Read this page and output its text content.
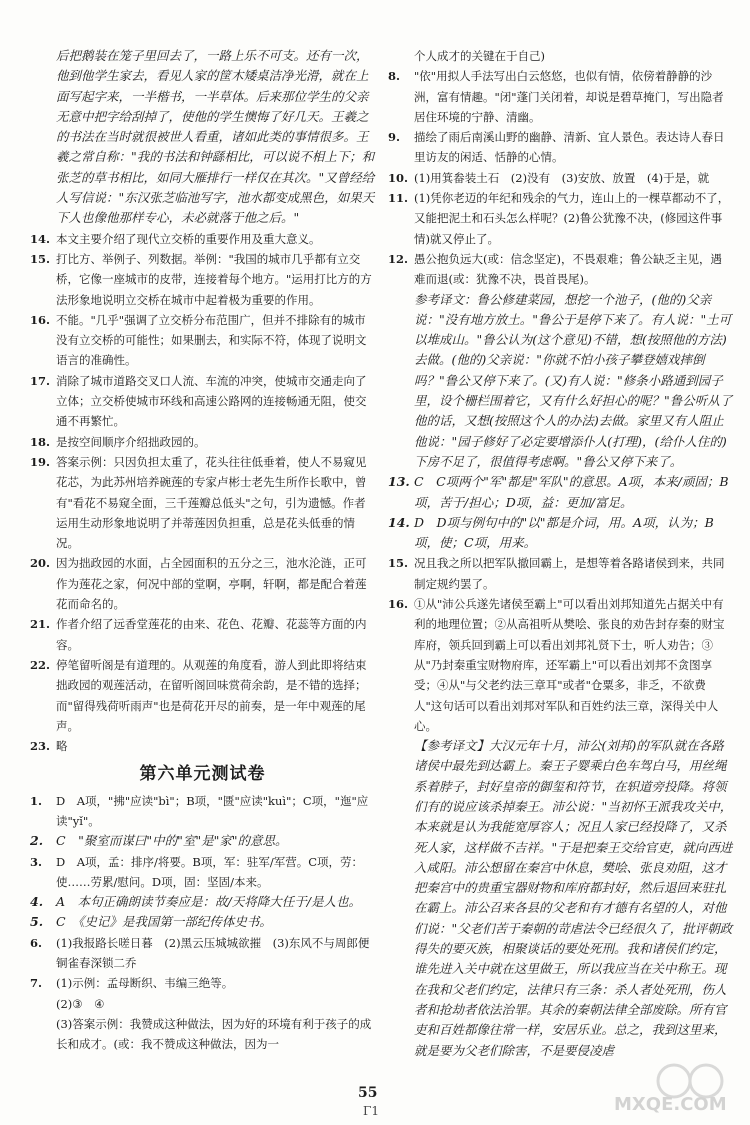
后把鹅装在笼子里回去了，一路上乐不可支。还有一次，他到他学生家去，看见人家的筐木矮桌洁净光滑，就在上面写起字来，一半楷书，一半草体。后来那位学生的父亲无意中把字给刮掉了，使他的学生懊悔了好几天。王羲之的书法在当时就很被世人看重，诸如此类的事情很多。王羲之常自称："我的书法和钟繇相比，可以说不相上下；和张芝的草书相比，如同大雁排行一样仅在其次。"又曾经给人写信说："东汉张芝临池写字，池水都变成黑色，如果天下人也像他那样专心，未必就落于他之后。"
14. 本文主要介绍了现代立交桥的重要作用及重大意义。
15. 打比方、举例子、列数据。举例："我国的城市几乎都有立交桥，它像一座城市的皮带，连接着每个地方。"运用打比方的方法形象地说明立交桥在城市中起着极为重要的作用。
16. 不能。"几乎"强调了立交桥分布范围广，但并不排除有的城市没有立交桥的可能性；如果删去，和实际不符，体现了说明文语言的准确性。
17. 消除了城市道路交叉口人流、车流的冲突，使城市交通走向了立体；立交桥使城市环线和高速公路网的连接畅通无阻，使交通不再繁忙。
18. 是按空间顺序介绍拙政园的。
19. 答案示例：只因负担太重了，花头往往低垂着，使人不易窥见花芯，为此苏州培养碗莲的专家卢彬士老先生所作长歌中，曾有"看花不易窥全面，三千莲瓣总低头"之句，引为遗憾。作者运用生动形象地说明了并蒂莲因负担重，总是花头低垂的情况。
20. 因为拙政园的水面，占全园面积的五分之三，池水沦涟，正可作为莲花之家，何况中部的堂啊，亭啊，轩啊，都是配合着莲花而命名的。
21. 作者介绍了远香堂莲花的由来、花色、花瓣、花蕊等方面的内容。
22. 停笔留听阁是有道理的。从观莲的角度看，游人到此即将结束拙政园的观莲活动，在留听阁回味赏荷余韵，是不错的选择；而"留得残荷听雨声"也是荷花开尽的前奏，是一年中观莲的尾声。
23. 略
第六单元测试卷
1. D　A项，"拂"应读"bì"；B项，"匮"应读"kuì"；C项，"迤"应读"yǐ"。
2. C　"聚室而谋曰"中的"室"是"家"的意思。
3. D　A项，孟：排序/将要。B项，军：驻军/军营。C项，劳：使……劳累/慰问。D项，固：坚固/本来。
4. A　本句正确朗读节奏应是：故/天将降大任于/是人也。
5. C　《史记》是我国第一部纪传体史书。
6. (1)我报路长嗟日暮　(2)黑云压城城欲摧　(3)东风不与周郎便　铜雀春深锁二乔
7. (1)示例：孟母断织、韦编三绝等。
(2)③　④
(3)答案示例：我赞成这种做法，因为好的环境有利于孩子的成长和成才。(或：我不赞成这种做法，因为一
个人成才的关键在于自己)
8. "依"用拟人手法写出白云悠悠，也似有情，依傍着静静的沙洲，富有情趣。"闭"蓬门关闭着，却说是碧草掩门，写出隐者居住环境的宁静、清幽。
9. 描绘了雨后南溪山野的幽静、清新、宜人景色。表达诗人春日里访友的闲适、恬静的心情。
10. (1)用箕畚装土石　(2)没有　(3)安放、放置　(4)于是，就
11. (1)凭你老迈的年纪和残余的气力，连山上的一棵草都动不了，又能把泥土和石头怎么样呢？(2)鲁公犹豫不决，(修园这件事情)就又停止了。
12. 愚公抱负远大(或：信念坚定)，不畏艰难；鲁公缺乏主见，遇难而退(或：犹豫不决，畏首畏尾)。
参考译文：鲁公修建菜园，想挖一个池子，(他的)父亲说："没有地方放土。"鲁公于是停下来了。有人说："土可以堆成山。"鲁公认为(这个意见)不错，想(按照他的方法)去做。(他的)父亲说："你就不怕小孩子攀登嬉戏摔倒吗？"鲁公又停下来了。(又)有人说："修条小路通到园子里，设个栅栏围着它，又有什么好担心的呢？"鲁公听从了他的话，又想(按照这个人的办法)去做。家里又有人阻止他说："园子修好了必定要增添仆人(打理)，(给仆人住的)下房不足了，很值得考虑啊。"鲁公又停下来了。
13. C　C项两个"军"都是"军队"的意思。A项，本来/顽固；B项，苦于/担心；D项，益：更加/富足。
14. D　D项与例句中的"以"都是介词，用。A项，认为；B项，使；C项，用来。
15. 况且我之所以把军队撤回霸上，是想等着各路诸侯到来，共同制定规约罢了。
16. ①从"沛公兵遂先诸侯至霸上"可以看出刘邦知道先占据关中有利的地理位置；②从高祖听从樊哙、张良的劝告封存秦的财宝库府，领兵回到霸上可以看出刘邦礼贤下士，听人劝告；③从"乃封秦重宝财物府库，还军霸上"可以看出刘邦不贪图享受；④从"与父老约法三章耳"或者"仓粟多，非乏，不欲费人"这句话可以看出刘邦对军队和百姓约法三章，深得关中人心。
【参考译文】大汉元年十月，沛公(刘邦)的军队就在各路诸侯中最先到达霸上。秦王子婴乘白色车驾白马，用丝绳系着脖子，封好皇帝的御玺和符节，在轵道旁投降。将领们有的说应该杀掉秦王。沛公说："当初怀王派我攻关中，本来就是认为我能宽厚容人；况且人家已经投降了，又杀死人家，这样做不吉祥。"于是把秦王交给官吏，就向西进入咸阳。沛公想留在秦宫中休息，樊哙、张良劝阻，这才把秦宫中的贵重宝器财物和库府都封好，然后退回来驻扎在霸上。沛公召来各县的父老和有才德有名望的人，对他们说："父老们苦于秦朝的苛虐法令已经很久了，批评朝政得失的要灭族，相聚谈话的要处死刑。我和诸侯们约定，谁先进入关中就在这里做王，所以我应当在关中称王。现在我和父老们约定，法律只有三条：杀人者处死刑，伤人者和抢劫者依法治罪。其余的秦朝法律全部废除。所有官吏和百姓都像往常一样，安居乐业。总之，我到这里来，就是要为父老们除害，不是要侵凌虐
55
Γ1	MXQE.COM
